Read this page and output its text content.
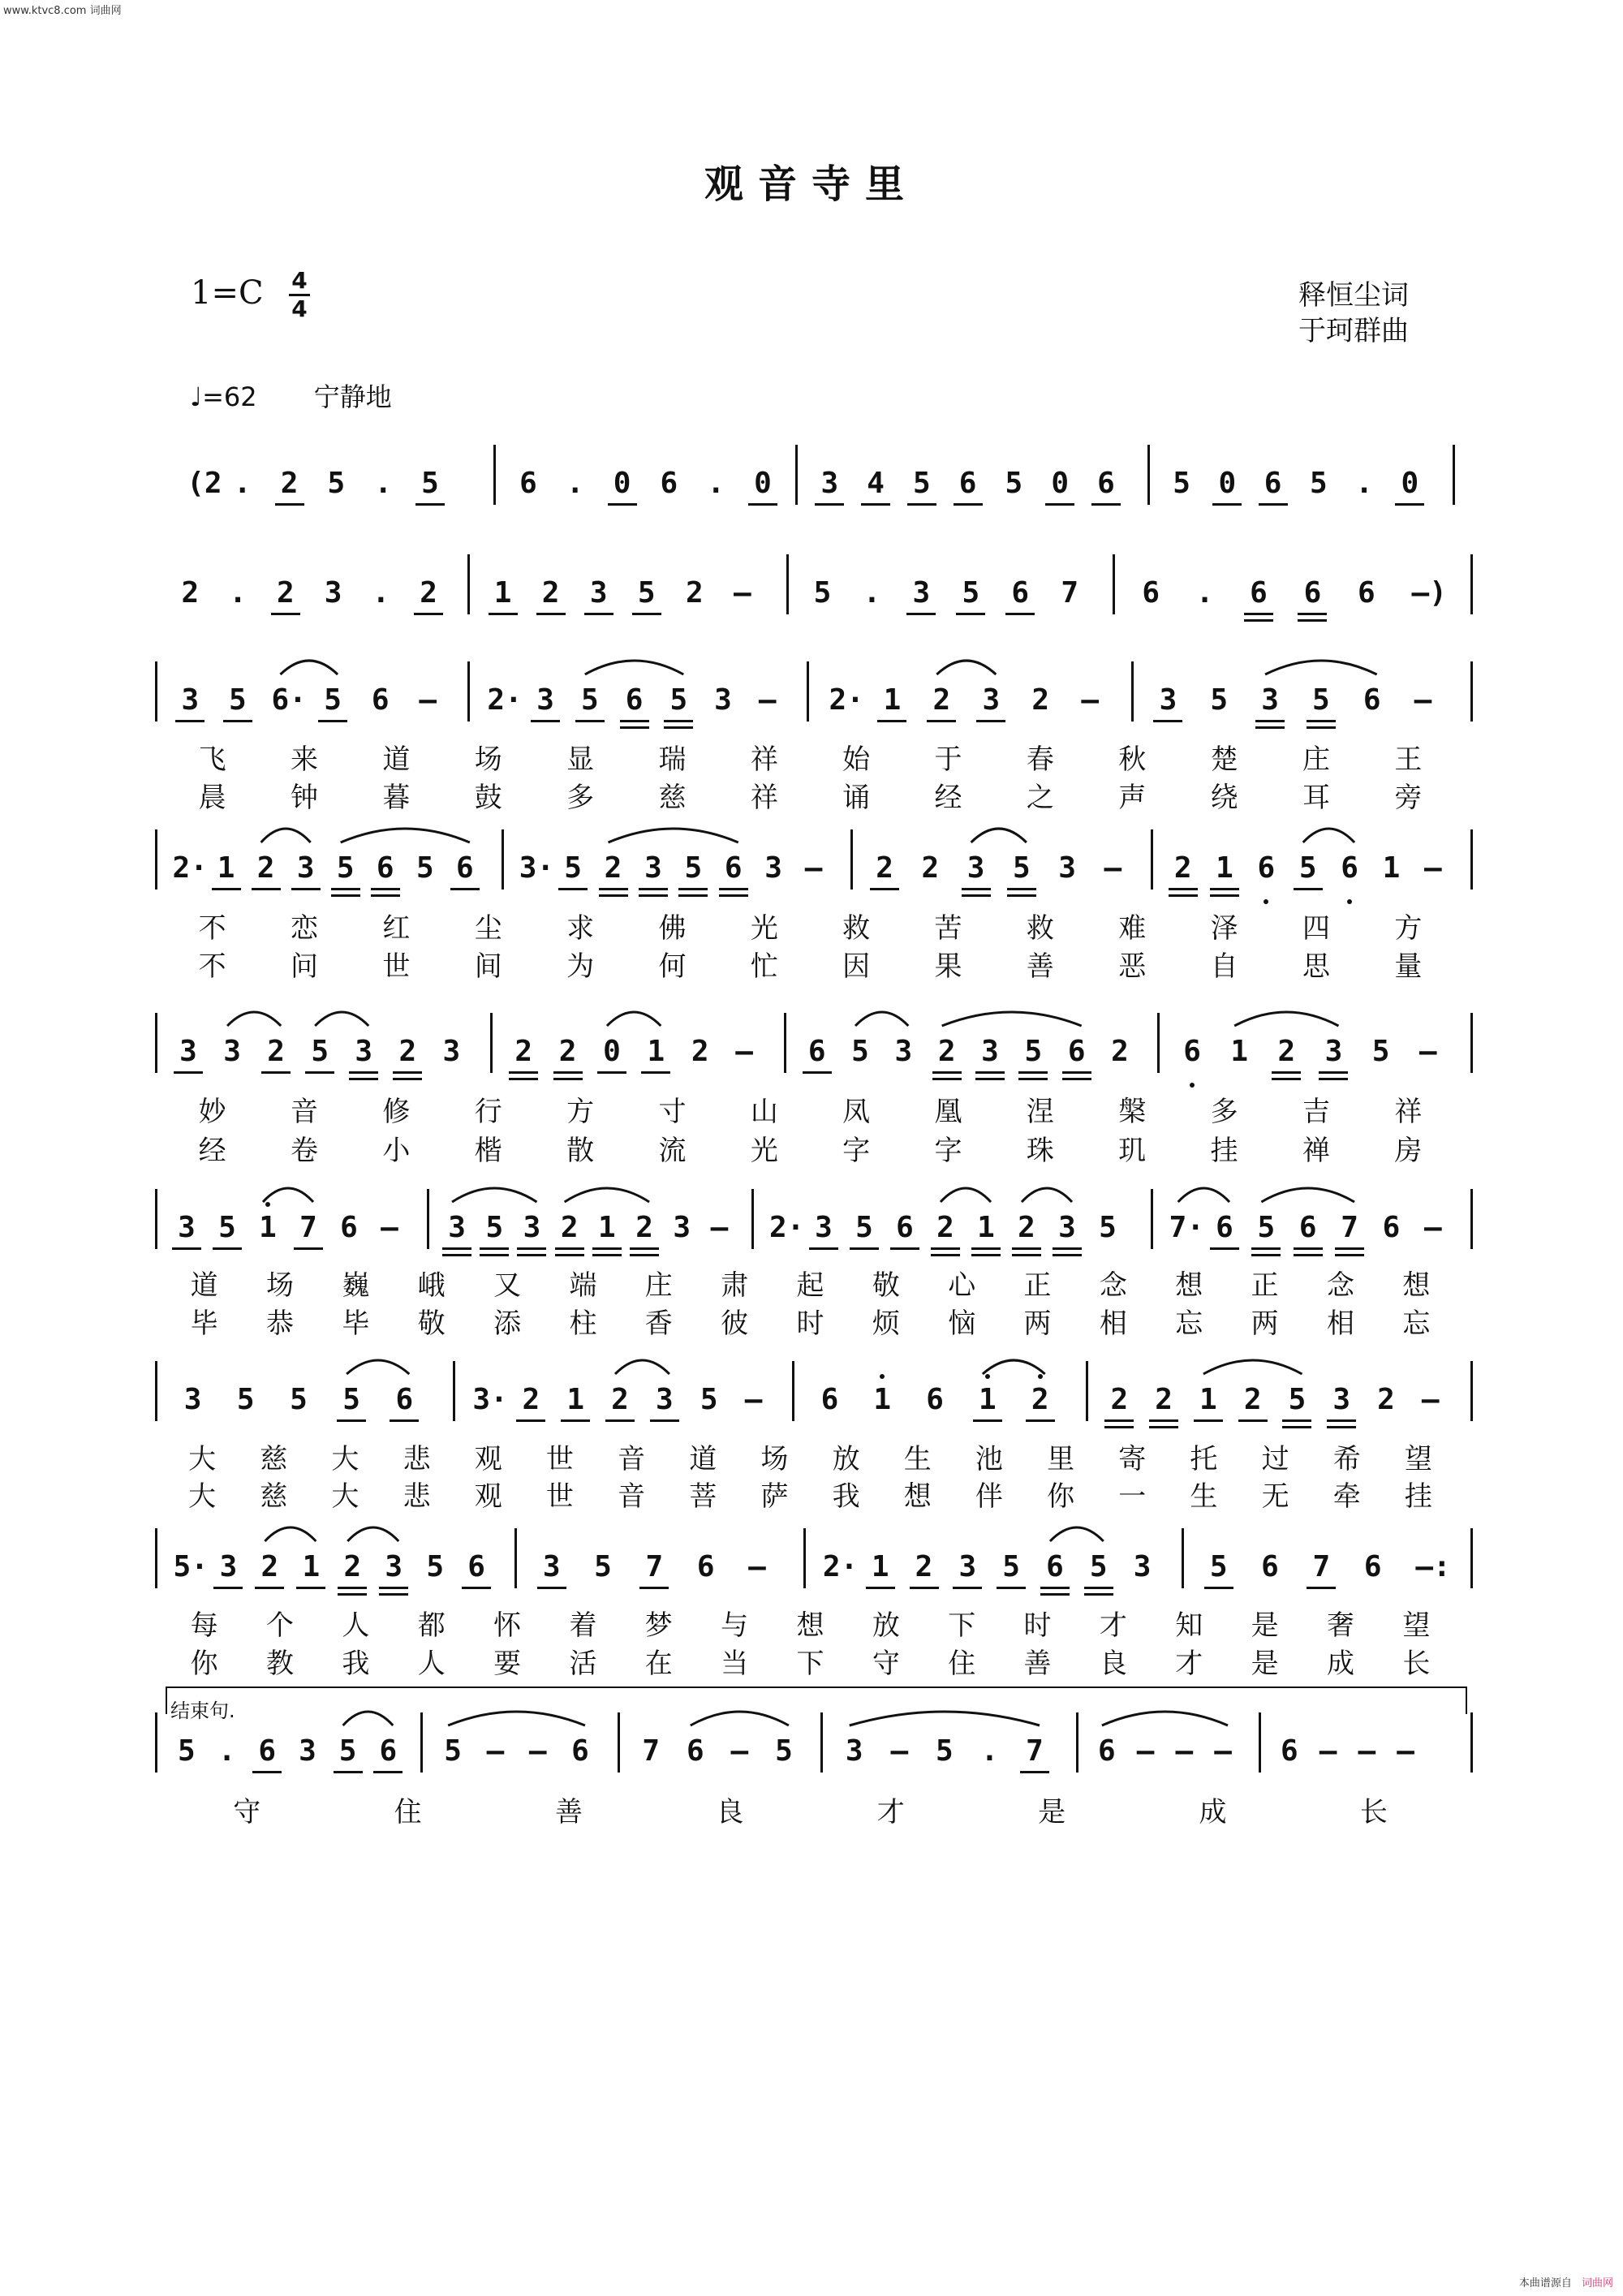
www.ktvc8.com 词曲网
观音寺里
1=C 4
4	释恒尘词
于珂群曲
♩=62 宁静地
结束句.
(2 . 2 5 . 5	6 . 0 6 . 0 3 4 5 6 5 0 6 5 0 6 5 . 0
2 . 2 3 . 2 1 2 3 5 2 – 5 . 3 5 6 7 6 . 6 6 6 –)
3 5 6· 5 6 – 2· 3 5 6 5 3 – 2· 1 2 3 2 – 3 5 3 5 6 –
飞 来 道 场 显 瑞 祥 始 于 春 秋 楚 庄 王
晨 钟 暮 鼓 多 慈 祥 诵 经 之 声 绕 耳 旁
2· 1 2 3 5 6 5 6 3· 5 2 3 5 6 3 – 2 2 3 5 3 – 2 1 6 5 6 1 –
不 恋 红 尘 求 佛 光 救 苦 救 难 泽 四 方
不 问 世 间 为 何 忙 因 果 善 恶 自 思 量
3 3 2 5 3 2 3 2 2 0 1 2 – 6 5 3 2 3 5 6 2 6 1 2 3 5 –
妙 音 修 行 方 寸 山 凤 凰 涅 槃 多 吉 祥
经 卷 小 楷 散 流 光 字 字 珠 玑 挂 禅 房
3 5 1 7 6 – 3 5 3 2 1 2 3 – 2· 3 5 6 2 1 2 3 5 7· 6 5 6 7 6 –
道 场 巍 峨 又 端 庄 肃 起 敬 心 正 念 想 正 念 想
毕 恭 毕 敬 添 柱 香 彼 时 烦 恼 两 相 忘 两 相 忘
3 5 5 5 6 3· 2 1 2 3 5 – 6 1 6 1 2 2 2 1 2 5 3 2 –
大 慈 大 悲 观 世 音 道 场 放 生 池 里 寄 托 过 希 望
大 慈 大 悲 观 世 音 菩 萨 我 想 伴 你 一 生 无 牵 挂
5· 3 2 1 2 3 5 6 3 5 7 6 – 2· 1 2 3 5 6 5 3 5 6 7 6 –:
每 个 人 都 怀 着 梦 与 想 放 下 时 才 知 是 奢 望
你 教 我 人 要 活 在 当 下 守 住 善 良 才 是 成 长
5 . 6 3 5 6 5 – – 6 7 6 – 5 3 – 5 . 7 6 – – – 6 – – –
守	住	善	良	才	是	成	长
本曲谱源自 词曲网
